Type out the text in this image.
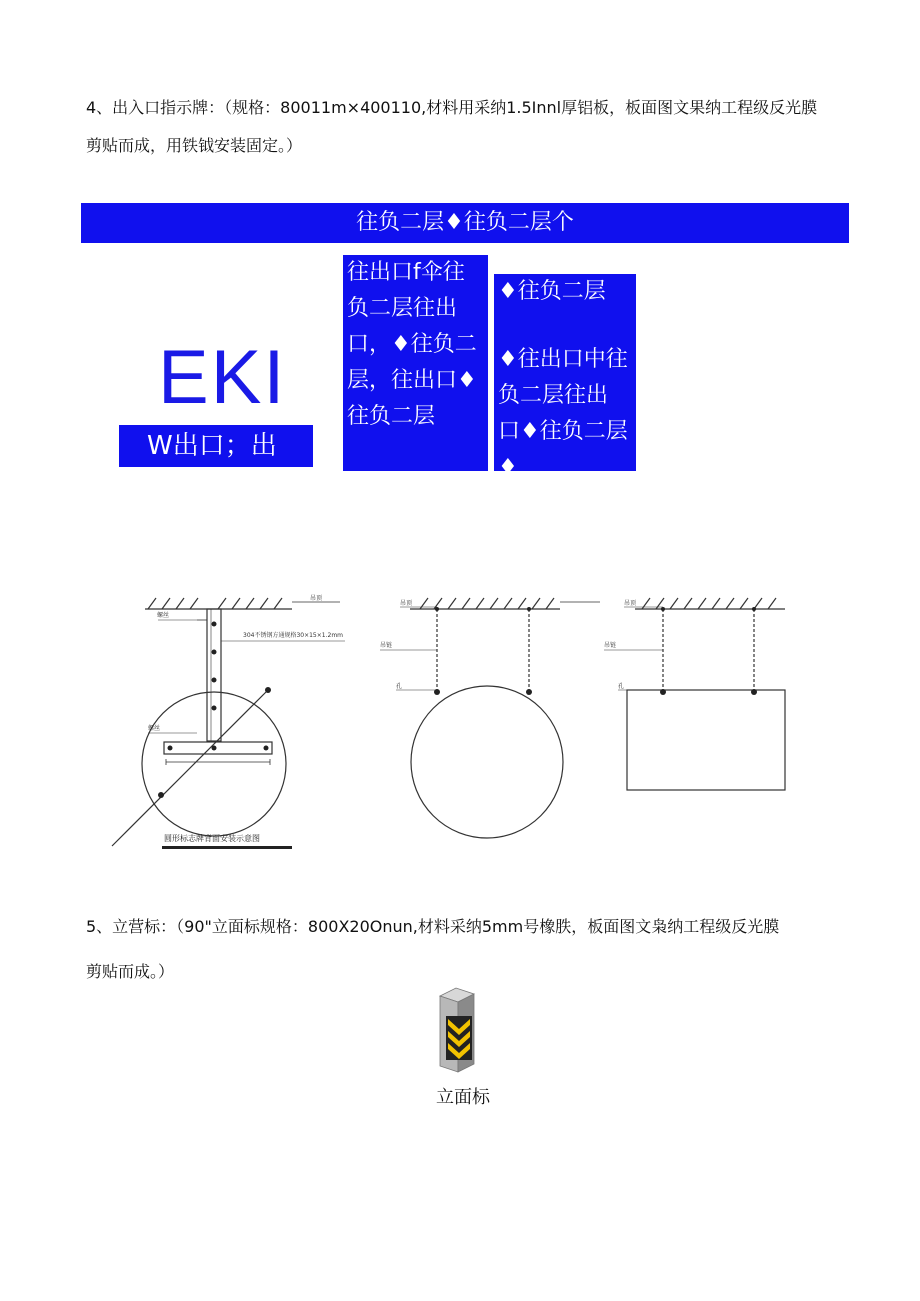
4、出入口指示牌：（规格：80011m×400110,材料用采纳1.5Innl厚铝板，板面图文果纳工程级反光膜
剪贴而成，用铁钺安装固定。）
往负二层♦往负二层个
EKI
W出口；出
往出口f伞往
负二层往出
口，♦往负二
层，往出口♦
往负二层
♦往负二层
♦往出口中往
负二层往出
口♦往负二层
♦
吊顶
螺丝
304不锈钢方通规格30×15×1.2mm
螺丝
吊顶
吊链
孔
吊顶
吊链
孔
圆形标志牌背面安装示意图
5、立营标：（90"立面标规格：800X20Onun,材料采纳5mm号橡胅，板面图文枭纳工程级反光膜
剪贴而成。）
立面标
